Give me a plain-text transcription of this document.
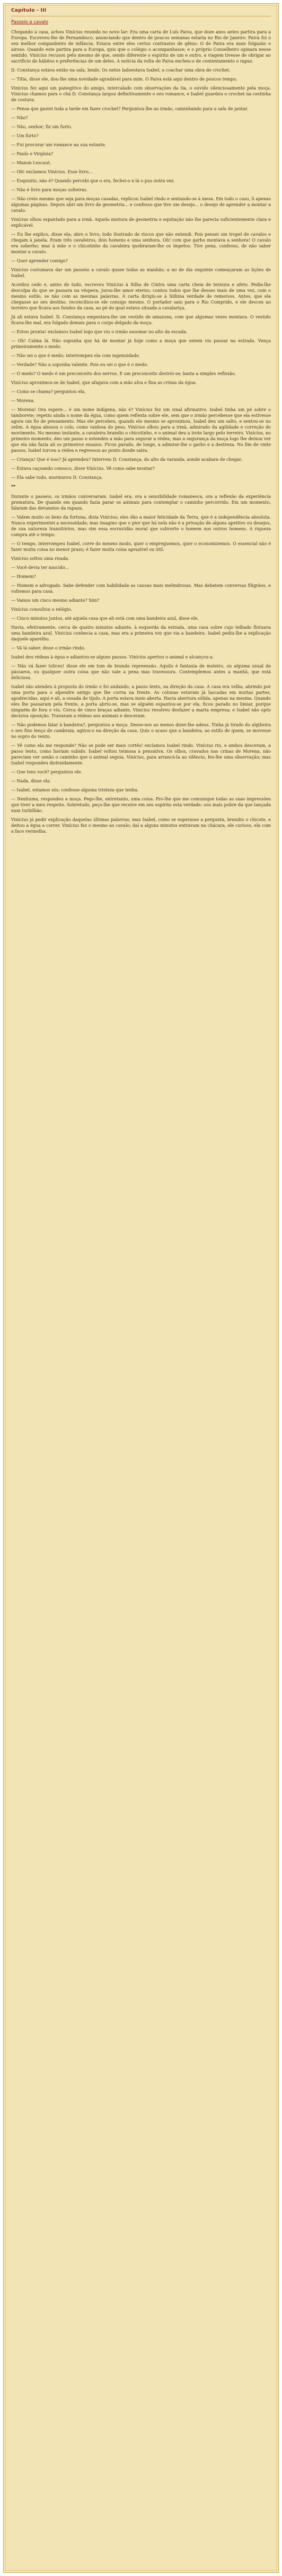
Capítulo - III
Passeio a cavalo

Chegando à casa, achou Vinícius reunido no novo lar: Era uma carta de Luís Paiva, que doze anos antes partira para a Europa. Escreveu-lhe de Pernambuco, anunciando que dentro de poucos semanas estaria no Rio de Janeiro. Paiva foi o seu melhor companheiro de infância. Estava entre eles certos contrastes de gênio: O de Paiva era mais folgazão e airoso. Quando este partira para a Europa, quis que o colégio o acompanhasse; e o próprio Conselheiro opinara nesse sentido. Vinícius recusou pelo mesmo de que, sendo diferente o espírito de um e outro, a viagem tivesse de obrigar ao sacrifício de hábitos e preferências de um deles. A notícia da volta de Paiva encheu-o de contentamento o rapaz.

D. Constança estava então na sala, lendo. Os netos ladoestava Isabel, a coachar uma obra de crochet.

— Titia, disse ele, dou-lhe uma novidade agradável para mim. O Paiva está aqui dentro de poucos tempo.

Vinícius fez aqui um panegírico do amigo, intercalado com observações da tia, o ouvido silenciosamente pela moça. Vinícius chamou para o chá D. Constança largou definitivamente o seu romance, e Isabel guardou o crochet na cestinha de costura.

— Pensa que gastei toda a tarde em fazer crochet? Perguntou-lhe ao irmão, caminhando para a sala de jantar.

— Não?

— Não, senhor; fiz um furto.

— Um furto?

— Fui procurar um romance na sua estante.

— Paulo e Virgínia?

— Manon Lescaut.

— Oh! exclamou Vinícius. Esse livro...

— Esquisito, não é? Quando percebi que o era, fechei-o e lá o pus outra vez.

— Não é livro para moças solteiras.

— Não creio mesmo que seja para moças casadas, replicou Isabel rindo e sentando-se à mesa. Em todo o caso, li apenas algumas páginas. Depois abri um livro de geometria... e confesso que tive um desejo... o desejo de aprender a montar a cavalo.

Vinícius olhou espantado para a irmã. Aquela mistura de geometria e equitação não lhe parecia suficientemente clara e explicável.

— Eu lhe explico, disse ela; abro o livro, todo ilustrado de riscos que não entendi. Pois pensei um tropel de cavalos e chegam à janela. Eram três cavaleiros, dois homens e uma senhora. Oh! com que garbo montava a senhora! O cavalo era soberbo; mas à mão e o chicotinho da cavaleira quebraram-lhe os ímpetos. Tive pena, confesso, de não saber montar a cavalo.

— Quer aprender comigo?

Vinícius costumava dar um passeio a cavalo quase todas as manhãs; a no de dia seguinte comeaçaram as lições de Isabel.

Acordou cedo e, antes de tudo, escreveu Vinícius à Silha de Cintra uma carta cheia de ternura e afeto. Pedia-lhe desculpa do que se passara na véspera; jurou-lhe amor eterno; contou todos que lhe desses mais de uma vez, com o mesmo estilo, se não com as mesmas palavras. À carta dirigiu-se à Silhina verdade de remorsos. Antes, que ela chegasse ao seu destino, reconciliou-se ele consigo mesmo. O portador saiu para o Rio Comprido, e ele desceu ao terreiro que ficava aos fundos da casa, ao pé do qual estava situada a cavalariça.

Já ali estava Isabel. D. Constança empestara-lhe um vestido de amazona, com que algumas vezes montara. O vestido ficava-lhe mal, era folgado demais para o corpo delgado da moça.

— Estou pronta! exclamou Isabel logo que viu o irmão assomar no alto da escada.

— Oh! Calma lá. Não supunha que há de montar já hoje como a moça que ontem viu passar na estrada. Vença primeiramente o medo.

— Não sei o que é medo; interrompeu ela com ingenuidade.

— Verdade? Não a suponha valente. Pois eu sei o que é o medo.

— O medo? O medo é um preconceito dos nervos. E um preconceito destrói-se; basta a simples reflexão.

Vinícius aproximou-se de Isabel, que afagava com a mão alva e fina as crinas da égua.

— Como se chama? perguntou ela.

— Morena.

— Morena! Ora espere... é um nome indígena, não é? Vinícius fez um sinal afirmativo. Isabel tinha um pé sobre o tamborete; repetiu ainda o nome da égua, como quem reflexta sobre ele, sem que o irmão percebesse que ela estivesse agora um fio de pensamento. Mas ele percebeu, quando ele mesmo se aproximou, Isabel deu um salto, e sentou-se no selim. A égua abusou o colo, como vaidosa do peso. Vinícius olhou para a irmã, admirado da agilidade e correção do movimento. No mesmo instante, a cavaleira brandiu o chicotinho, e o animal deu a trote largo pelo terreiro. Vinícius, no primeiro momento, deu um passo e estendeu a mão para segurar a rédea; mas a segurança da moça logo lhe deixou ver que ela não fazia ali os primeiros ensaios. Ficou parado, de longe, a admirar-lhe o garbo e a destreza. No fim de vinte passos, Isabel torceu a rédea e regressou ao ponto donde saíra.

— Criança! Que é isso? Já aprendeu? Interveio D. Constança, do alto da varanda, aonde acabara de chegar.

— Estava caçoando conosco, disse Vinícius. Vê como sabe montar?

— Ela sabe tudo, murmurou D. Constança.

**

Durante o passeio, os irmãos conversaram. Isabel era, ora a sensibilidade romanesca, ora a reflexão da experiência prematura. De quando em quando fazia parar os animais para contemplar o caminho percorrido. Em um momento, falaram das devaneios da rapaza.

— Valem muito os bens da fortuna, dizia Vinícius; eles dão a maior felicidade da Terra, que é a independência absoluta. Nunca experimentei a necessidade; mas imagino que o pior que há nela não é a privação de alguns apetites ou desejos, de sua natureza transitórios, mas sim essa escravidão moral que subverte o homem nos outros homens. A riqueza compra até o tempo.

— O tempo, interrompeu Isabel, corre do mesmo modo, quer o empreguemos, quer o economizemos. O essencial não é fazer muita coisa no menor prazo; é fazer muita coisa aprazível ou útil.

Vinícius soltou uma risada.

— Você devia ter nascido...

— Homem?

— Homem e advogado. Sabe defender com habilidade as causas mais melindrosas. Mas debatem conversas filigrãos, e voltemos para casa.

— Vamos um cisco mesmo adiante? Sim?

Vinícius consultou o relógio.

— Cinco minutos juntos, até aquela casa que ali está com uma bandeira azul, disse ele.

Havia, efetivamente, cerca de quatro minutos adiante, à esquerda da estrada, uma casa sobre cujo telhado flutuava uma bandeira azul. Vinícius conhecia a casa, mas era a primeira vez que via a bandeira. Isabel pediu-lhe a explicação daquele aparelho.

— Vá lá saber, disse o irmão rindo.

Isabel deu rédeas à égua e adiantou-se alguns passos. Vinícius apertou o animal e alcançou-a.

— Não vá fazer tolices! disse ele em tom de branda repreensão. Aquilo é fantasia de moleiro, ou alguma usual de pássaros, ou qualquer outra coisa que não vale a pena mas travessura. Contemplemos antes a manhã, que está deliciosa.

Isabel não atendeu à proposta do irmão e foi andando, a passo lento, na direção da casa. A casa era velha, abrindo por uma porta para o alpendre antigo que lhe corria na frente. As colunas estavam já lascadas em muitas partes, apodrecidas, aqui e ali, a ossada de tijolo. A porta estava meio aberta. Havia abertura sólida, apenas na mesma. Quando eles lhe passaram pela frente, a porta abriu-se, mas se alguém espantou-se por ela, ficou parado no limiar, porque ninguém de fora o viu. Cerca de cinco braças adiante, Vinícius resolveu desfazer a marta empresa; e Isabel não opôs decisiva oposição. Travaram a rédeas aos animais e desceram.

— Não podemos falar à bandeira?, perguntou a moça. Desse-nos ao menos dizer-lhe adeus. Tinha já tirado do algibeira o seu fino lenço de cambraia, agitou-o na direção da casa. Quis o acaso que a bandeira, ao estilo de quem, se movesse no sopro do vento.

— Vê como ela me responde? Não se pode ser mais cortês! exclamou Isabel rindo. Vinícius riu, e ambos desceram, a passo lento, como haviam subido. Isabel voltou teimosa a pensativa. Os olhos, cravados nas crinas de Morena, não pareciam ver senão o caminho que o animal seguia. Vinícius, para arrancá-la ao silêncio, fez-lhe uma observação; mas Isabel respondeu distraidamente.

— Que tens você? perguntou ele.

— Nada, disse ela.

— Isabel, estamos sós; confesse alguma tristeza que tenha.

— Nenhuma, respondeu a moça. Pego-lhe, entretanto, uma coisa. Pro-lhe que me comunique todas as suas impressões que tiver a meu respeito. Sobretudo, peço-lhe que receive em seu espírito esta verdade: sou mais pobre da que lançada num turbilhão.

Vinícius já pedir explicação daquelas últimas palavras; mas Isabel, como se esperasse a pergunta, brandiu o chicote, e deitou a égua a correr. Vinícius fez o mesmo ao cavalo; daí a alguns minutos entravam na chácara, ele curioso, ela com a face vermelha.
